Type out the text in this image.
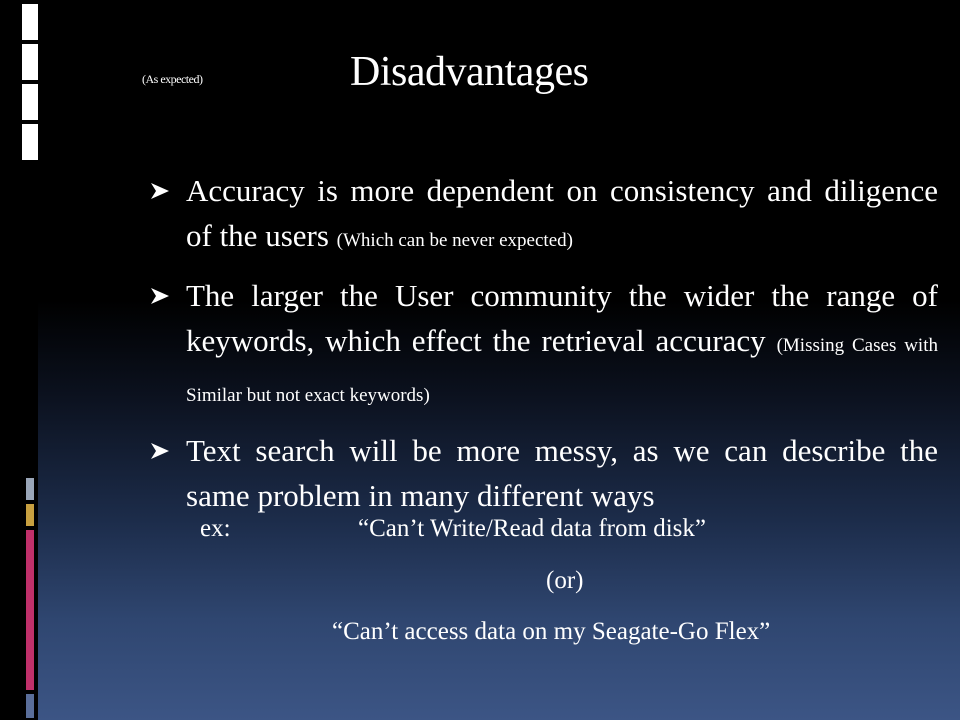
(As expected)	Disadvantages
Accuracy is more dependent on consistency and diligence of the users (Which can be never expected)
The larger the User community the wider the range of keywords, which effect the retrieval accuracy (Missing Cases with Similar but not exact keywords)
Text search will be more messy, as we can describe the same problem in many different ways
ex:	“Can’t Write/Read data from disk”
(or)
“Can’t access data on my Seagate-Go Flex”
